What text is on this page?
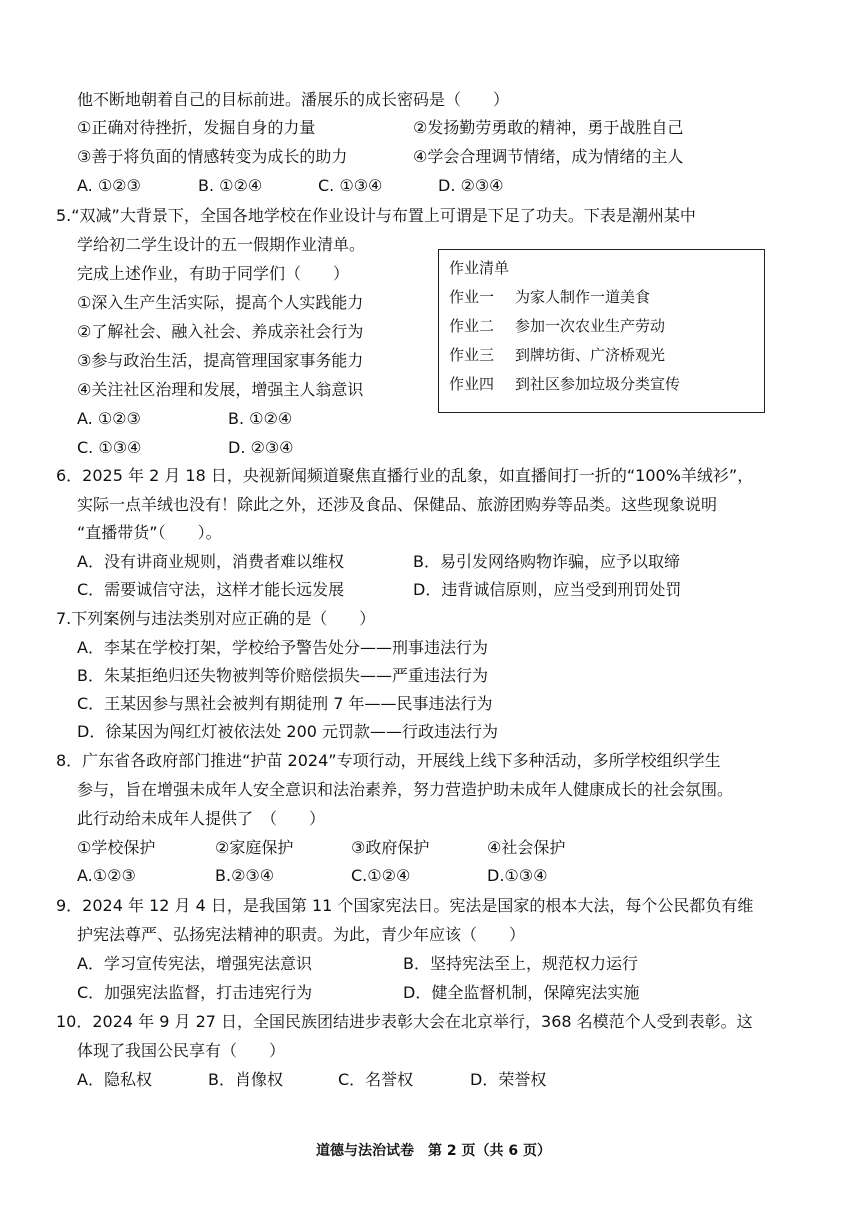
他不断地朝着自己的目标前进。潘展乐的成长密码是（　　）
①正确对待挫折，发掘自身的力量	②发扬勤劳勇敢的精神，勇于战胜自己
③善于将负面的情感转变为成长的助力	④学会合理调节情绪，成为情绪的主人
A. ①②③	B. ①②④	C. ①③④	D. ②③④
5.“双减”大背景下，全国各地学校在作业设计与布置上可谓是下足了功夫。下表是潮州某中
学给初二学生设计的五一假期作业清单。
完成上述作业，有助于同学们（　　）
①深入生产生活实际，提高个人实践能力
②了解社会、融入社会、养成亲社会行为
③参与政治生活，提高管理国家事务能力
④关注社区治理和发展，增强主人翁意识
A. ①②③	B. ①②④
C. ①③④	D. ②③④
作业清单
作业一 为家人制作一道美食
作业二 参加一次农业生产劳动
作业三 到牌坊街、广济桥观光
作业四 到社区参加垃圾分类宣传
6．2025 年 2 月 18 日，央视新闻频道聚焦直播行业的乱象，如直播间打一折的“100%羊绒衫”，
实际一点羊绒也没有！除此之外，还涉及食品、保健品、旅游团购券等品类。这些现象说明
“直播带货”（　　）。
A．没有讲商业规则，消费者难以维权	B．易引发网络购物诈骗，应予以取缔
C．需要诚信守法，这样才能长远发展	D．违背诚信原则，应当受到刑罚处罚
7.下列案例与违法类别对应正确的是（　　）
A．李某在学校打架，学校给予警告处分——刑事违法行为
B．朱某拒绝归还失物被判等价赔偿损失——严重违法行为
C．王某因参与黑社会被判有期徒刑 7 年——民事违法行为
D．徐某因为闯红灯被依法处 200 元罚款——行政违法行为
8．广东省各政府部门推进“护苗 2024”专项行动，开展线上线下多种活动，多所学校组织学生
参与，旨在增强未成年人安全意识和法治素养，努力营造护助未成年人健康成长的社会氛围。
此行动给未成年人提供了　（　　）
①学校保护	②家庭保护	③政府保护	④社会保护
A.①②③	B.②③④	C.①②④	D.①③④
9．2024 年 12 月 4 日，是我国第 11 个国家宪法日。宪法是国家的根本大法，每个公民都负有维
护宪法尊严、弘扬宪法精神的职责。为此，青少年应该（　　）
A．学习宣传宪法，增强宪法意识	B．坚持宪法至上，规范权力运行
C．加强宪法监督，打击违宪行为	D．健全监督机制，保障宪法实施
10．2024 年 9 月 27 日，全国民族团结进步表彰大会在北京举行，368 名模范个人受到表彰。这
体现了我国公民享有（　　）
A．隐私权	B．肖像权	C．名誉权	D．荣誉权
道德与法治试卷　第 2 页（共 6 页）
